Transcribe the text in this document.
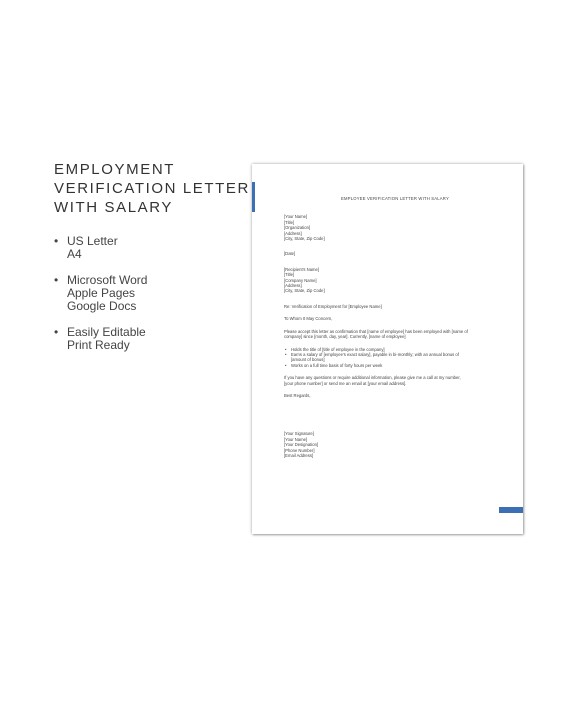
EMPLOYMENT
VERIFICATION LETTER
WITH SALARY
• US Letter
A4
• Microsoft Word
Apple Pages
Google Docs
• Easily Editable
Print Ready
EMPLOYEE VERIFICATION LETTER WITH SALARY
[Your Name]
[Title]
[Organization]
[Address]
[City, State, Zip Code]
[Date]
[Recipient's Name]
[Title]
[Company Name]
[Address]
[City, State, Zip Code]
Re: Verification of Employment for [Employee Name]
To Whom It May Concern,
Please accept this letter as confirmation that [name of employee] has been employed with [name of
company] since [month, day, year]. Currently, [name of employee]
• Holds the title of [title of employee in the company]
• Earns a salary of [employee's exact salary], payable in bi-monthly; with an annual bonus of
[amount of bonus]
• Works on a full time basis of forty hours per week
If you have any questions or require additional information, please give me a call at my number,
[your phone number] or send me an email at [your email address].
Best Regards,
[Your Signature]
[Your Name]
[Your Designation]
[Phone Number]
[Email Address]
